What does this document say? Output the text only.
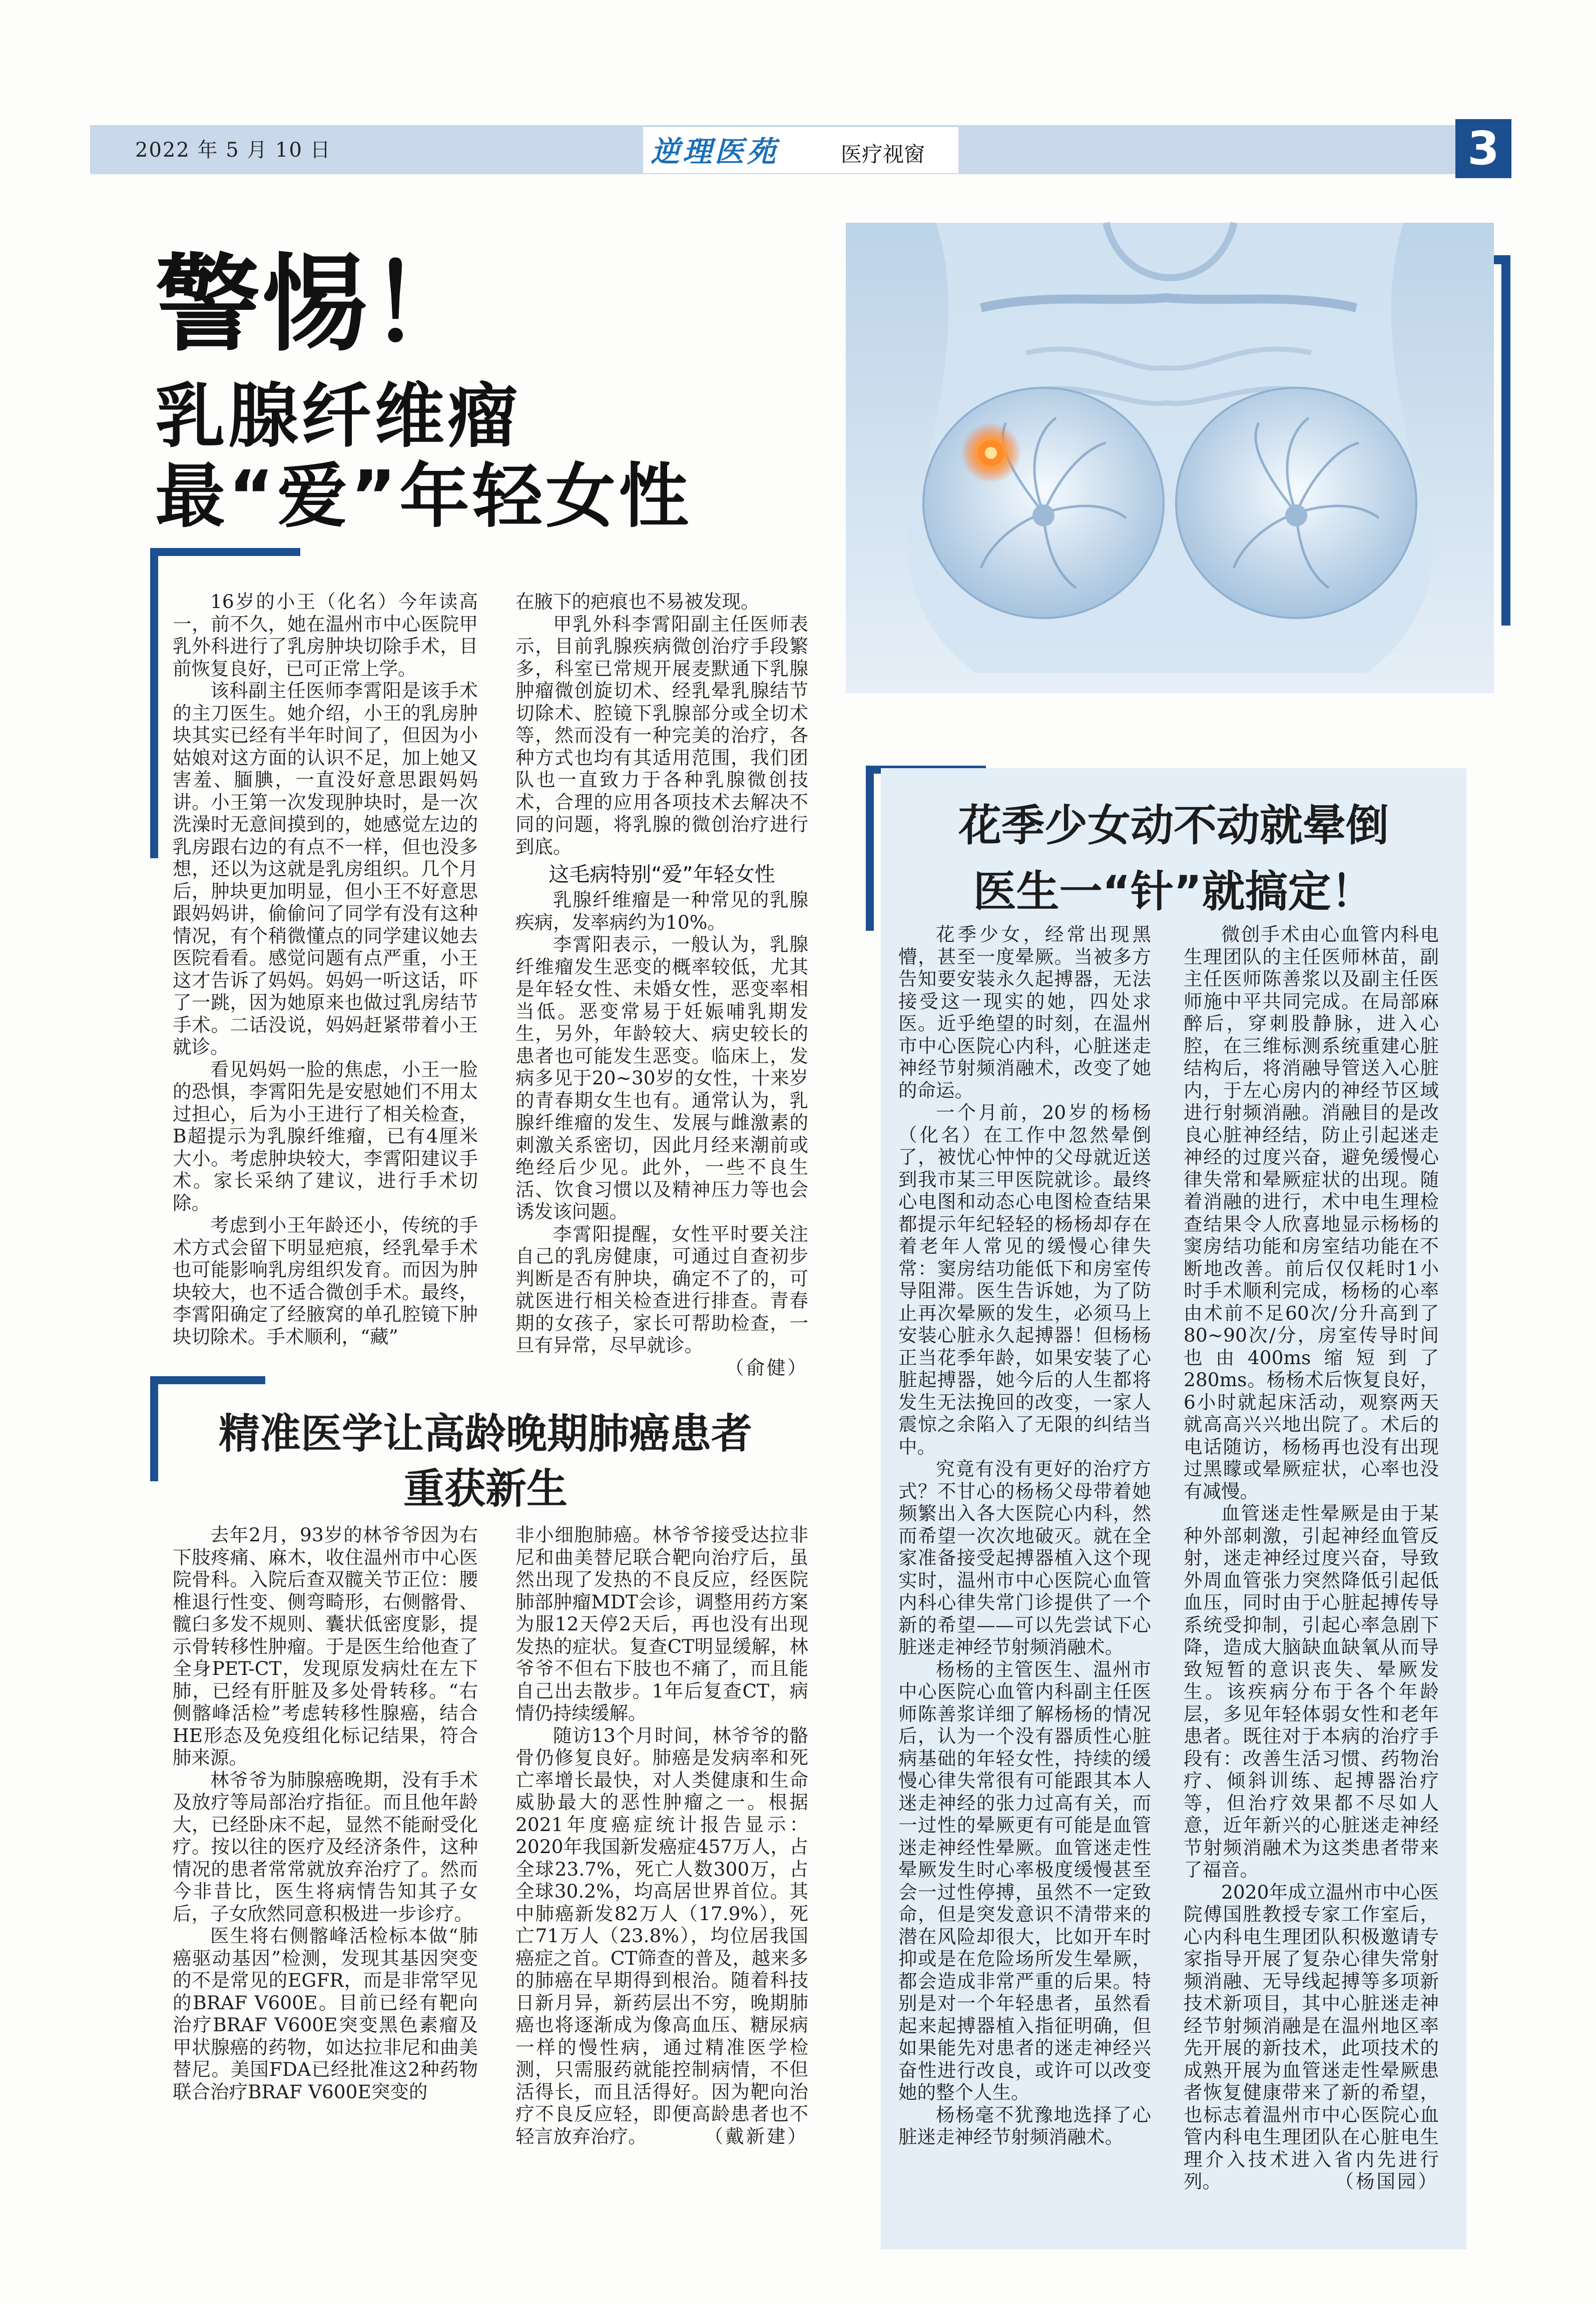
2022 年 5 月 10 日	逆理医苑	医疗视窗	3
警惕！
乳腺纤维瘤
最“爱”年轻女性

16岁的小王（化名）今年读高一，前不久，她在温州市中心医院甲乳外科进行了乳房肿块切除手术，目前恢复良好，已可正常上学。

该科副主任医师李霄阳是该手术的主刀医生。她介绍，小王的乳房肿块其实已经有半年时间了，但因为小姑娘对这方面的认识不足，加上她又害羞、腼腆，一直没好意思跟妈妈讲。小王第一次发现肿块时，是一次洗澡时无意间摸到的，她感觉左边的乳房跟右边的有点不一样，但也没多想，还以为这就是乳房组织。几个月后，肿块更加明显，但小王不好意思跟妈妈讲，偷偷问了同学有没有这种情况，有个稍微懂点的同学建议她去医院看看。感觉问题有点严重，小王这才告诉了妈妈。妈妈一听这话，吓了一跳，因为她原来也做过乳房结节手术。二话没说，妈妈赶紧带着小王就诊。

看见妈妈一脸的焦虑，小王一脸的恐惧，李霄阳先是安慰她们不用太过担心，后为小王进行了相关检查，B超提示为乳腺纤维瘤，已有4厘米大小。考虑肿块较大，李霄阳建议手术。家长采纳了建议，进行手术切除。

考虑到小王年龄还小，传统的手术方式会留下明显疤痕，经乳晕手术也可能影响乳房组织发育。而因为肿块较大，也不适合微创手术。最终，李霄阳确定了经腋窝的单孔腔镜下肿块切除术。手术顺利，“藏”

在腋下的疤痕也不易被发现。

甲乳外科李霄阳副主任医师表示，目前乳腺疾病微创治疗手段繁多，科室已常规开展麦默通下乳腺肿瘤微创旋切术、经乳晕乳腺结节切除术、腔镜下乳腺部分或全切术等，然而没有一种完美的治疗，各种方式也均有其适用范围，我们团队也一直致力于各种乳腺微创技术，合理的应用各项技术去解决不同的问题，将乳腺的微创治疗进行到底。

乳腺纤维瘤是一种常见的乳腺疾病，发率病约为10%。

李霄阳表示，一般认为，乳腺纤维瘤发生恶变的概率较低，尤其是年轻女性、未婚女性，恶变率相当低。恶变常易于妊娠哺乳期发生，另外，年龄较大、病史较长的患者也可能发生恶变。临床上，发病多见于20~30岁的女性，十来岁的青春期女生也有。通常认为，乳腺纤维瘤的发生、发展与雌激素的刺激关系密切，因此月经来潮前或绝经后少见。此外，一些不良生活、饮食习惯以及精神压力等也会诱发该问题。

李霄阳提醒，女性平时要关注自己的乳房健康，可通过自查初步判断是否有肿块，确定不了的，可就医进行相关检查进行排查。青春期的女孩子，家长可帮助检查，一旦有异常，尽早就诊。
（俞健）

这毛病特别“爱”年轻女性
精准医学让高龄晚期肺癌患者
重获新生

去年2月，93岁的林爷爷因为右下肢疼痛、麻木，收住温州市中心医院骨科。入院后查双髋关节正位：腰椎退行性变、侧弯畸形，右侧髂骨、髋臼多发不规则、囊状低密度影，提示骨转移性肿瘤。于是医生给他查了全身PET-CT，发现原发病灶在左下肺，已经有肝脏及多处骨转移。“右侧髂峰活检”考虑转移性腺癌，结合HE形态及免疫组化标记结果，符合肺来源。

林爷爷为肺腺癌晚期，没有手术及放疗等局部治疗指征。而且他年龄大，已经卧床不起，显然不能耐受化疗。按以往的医疗及经济条件，这种情况的患者常常就放弃治疗了。然而今非昔比，医生将病情告知其子女后，子女欣然同意积极进一步诊疗。

医生将右侧髂峰活检标本做“肺癌驱动基因”检测，发现其基因突变的不是常见的EGFR，而是非常罕见的BRAF V600E。目前已经有靶向治疗BRAF V600E突变黑色素瘤及甲状腺癌的药物，如达拉非尼和曲美替尼。美国FDA已经批准这2种药物联合治疗BRAF V600E突变的

非小细胞肺癌。林爷爷接受达拉非尼和曲美替尼联合靶向治疗后，虽然出现了发热的不良反应，经医院肺部肿瘤MDT会诊，调整用药方案为服12天停2天后，再也没有出现发热的症状。复查CT明显缓解，林爷爷不但右下肢也不痛了，而且能自己出去散步。1年后复查CT，病情仍持续缓解。

随访13个月时间，林爷爷的骼骨仍修复良好。肺癌是发病率和死亡率增长最快，对人类健康和生命威胁最大的恶性肿瘤之一。根据2021年度癌症统计报告显示：2020年我国新发癌症457万人，占全球23.7%，死亡人数300万，占全球30.2%，均高居世界首位。其中肺癌新发82万人（17.9%），死亡71万人（23.8%），均位居我国癌症之首。CT筛查的普及，越来多的肺癌在早期得到根治。随着科技日新月异，新药层出不穷，晚期肺癌也将逐渐成为像高血压、糖尿病一样的慢性病，通过精准医学检测，只需服药就能控制病情，不但活得长，而且活得好。因为靶向治疗不良反应轻，即便高龄患者也不轻言放弃治疗。	（戴新建）

花季少女动不动就晕倒
医生一“针”就搞定！

花季少女，经常出现黑懵，甚至一度晕厥。当被多方告知要安装永久起搏器，无法接受这一现实的她，四处求医。近乎绝望的时刻，在温州市中心医院心内科，心脏迷走神经节射频消融术，改变了她的命运。

一个月前，20岁的杨杨（化名）在工作中忽然晕倒了，被忧心忡忡的父母就近送到我市某三甲医院就诊。最终心电图和动态心电图检查结果都提示年纪轻轻的杨杨却存在着老年人常见的缓慢心律失常：窦房结功能低下和房室传导阻滞。医生告诉她，为了防止再次晕厥的发生，必须马上安装心脏永久起搏器！但杨杨正当花季年龄，如果安装了心脏起搏器，她今后的人生都将发生无法挽回的改变，一家人震惊之余陷入了无限的纠结当中。

究竟有没有更好的治疗方式？不甘心的杨杨父母带着她频繁出入各大医院心内科，然而希望一次次地破灭。就在全家准备接受起搏器植入这个现实时，温州市中心医院心血管内科心律失常门诊提供了一个新的希望——可以先尝试下心脏迷走神经节射频消融术。

杨杨的主管医生、温州市中心医院心血管内科副主任医师陈善浆详细了解杨杨的情况后，认为一个没有器质性心脏病基础的年轻女性，持续的缓慢心律失常很有可能跟其本人迷走神经的张力过高有关，而一过性的晕厥更有可能是血管迷走神经性晕厥。血管迷走性晕厥发生时心率极度缓慢甚至会一过性停搏，虽然不一定致命，但是突发意识不清带来的潜在风险却很大，比如开车时抑或是在危险场所发生晕厥，都会造成非常严重的后果。特别是对一个年轻患者，虽然看起来起搏器植入指征明确，但如果能先对患者的迷走神经兴奋性进行改良，或许可以改变她的整个人生。

杨杨毫不犹豫地选择了心脏迷走神经节射频消融术。

微创手术由心血管内科电生理团队的主任医师林苗，副主任医师陈善浆以及副主任医师施中平共同完成。在局部麻醉后，穿刺股静脉，进入心腔，在三维标测系统重建心脏结构后，将消融导管送入心脏内，于左心房内的神经节区域进行射频消融。消融目的是改良心脏神经结，防止引起迷走神经的过度兴奋，避免缓慢心律失常和晕厥症状的出现。随着消融的进行，术中电生理检查结果令人欣喜地显示杨杨的窦房结功能和房室结功能在不断地改善。前后仅仅耗时1小时手术顺利完成，杨杨的心率由术前不足60次/分升高到了80~90次/分，房室传导时间也由400ms缩短到了280ms。杨杨术后恢复良好，6小时就起床活动，观察两天就高高兴兴地出院了。术后的电话随访，杨杨再也没有出现过黑矇或晕厥症状，心率也没有减慢。

血管迷走性晕厥是由于某种外部刺激，引起神经血管反射，迷走神经过度兴奋，导致外周血管张力突然降低引起低血压，同时由于心脏起搏传导系统受抑制，引起心率急剧下降，造成大脑缺血缺氧从而导致短暂的意识丧失、晕厥发生。该疾病分布于各个年龄层，多见年轻体弱女性和老年患者。既往对于本病的治疗手段有：改善生活习惯、药物治疗、倾斜训练、起搏器治疗等，但治疗效果都不尽如人意，近年新兴的心脏迷走神经节射频消融术为这类患者带来了福音。

2020年成立温州市中心医院傅国胜教授专家工作室后，心内科电生理团队积极邀请专家指导开展了复杂心律失常射频消融、无导线起搏等多项新技术新项目，其中心脏迷走神经节射频消融是在温州地区率先开展的新技术，此项技术的成熟开展为血管迷走性晕厥患者恢复健康带来了新的希望，也标志着温州市中心医院心血管内科电生理团队在心脏电生理介入技术进入省内先进行列。	（杨国园）
